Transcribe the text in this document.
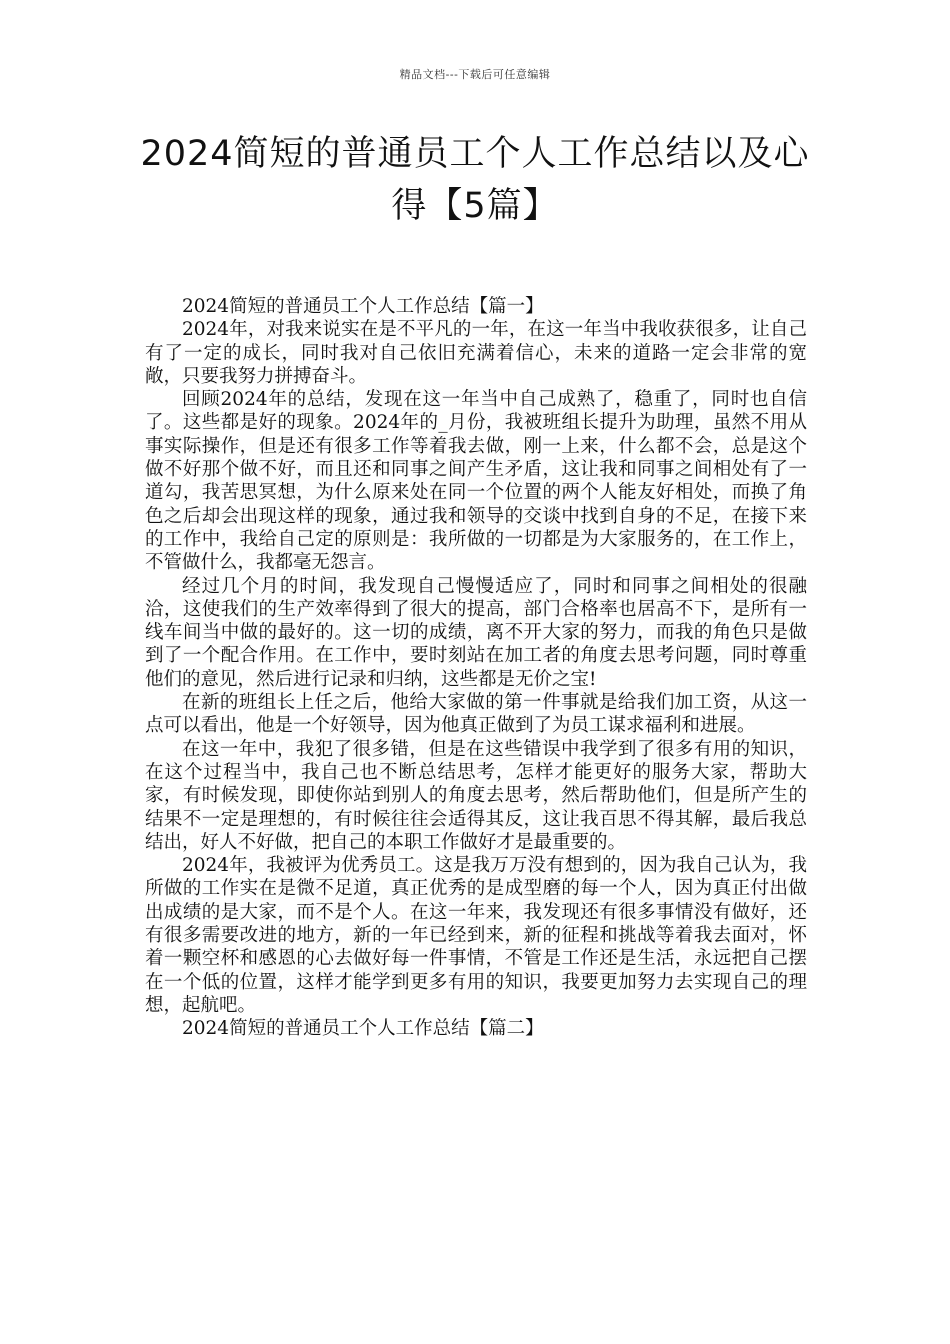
精品文档---下载后可任意编辑
2024简短的普通员工个人工作总结以及心得【5篇】

2024简短的普通员工个人工作总结【篇一】

2024年，对我来说实在是不平凡的一年，在这一年当中我收获很多，让自己有了一定的成长，同时我对自己依旧充满着信心，未来的道路一定会非常的宽敞，只要我努力拼搏奋斗。

回顾2024年的总结，发现在这一年当中自己成熟了，稳重了，同时也自信了。这些都是好的现象。2024年的_月份，我被班组长提升为助理，虽然不用从事实际操作，但是还有很多工作等着我去做，刚一上来，什么都不会，总是这个做不好那个做不好，而且还和同事之间产生矛盾，这让我和同事之间相处有了一道勾，我苦思冥想，为什么原来处在同一个位置的两个人能友好相处，而换了角色之后却会出现这样的现象，通过我和领导的交谈中找到自身的不足，在接下来的工作中，我给自己定的原则是：我所做的一切都是为大家服务的，在工作上，不管做什么，我都毫无怨言。

经过几个月的时间，我发现自己慢慢适应了，同时和同事之间相处的很融洽，这使我们的生产效率得到了很大的提高，部门合格率也居高不下，是所有一线车间当中做的最好的。这一切的成绩，离不开大家的努力，而我的角色只是做到了一个配合作用。在工作中，要时刻站在加工者的角度去思考问题，同时尊重他们的意见，然后进行记录和归纳，这些都是无价之宝!

在新的班组长上任之后，他给大家做的第一件事就是给我们加工资，从这一点可以看出，他是一个好领导，因为他真正做到了为员工谋求福利和进展。

在这一年中，我犯了很多错，但是在这些错误中我学到了很多有用的知识，在这个过程当中，我自己也不断总结思考，怎样才能更好的服务大家，帮助大家，有时候发现，即使你站到别人的角度去思考，然后帮助他们，但是所产生的结果不一定是理想的，有时候往往会适得其反，这让我百思不得其解，最后我总结出，好人不好做，把自己的本职工作做好才是最重要的。

2024年，我被评为优秀员工。这是我万万没有想到的，因为我自己认为，我所做的工作实在是微不足道，真正优秀的是成型磨的每一个人，因为真正付出做出成绩的是大家，而不是个人。在这一年来，我发现还有很多事情没有做好，还有很多需要改进的地方，新的一年已经到来，新的征程和挑战等着我去面对，怀着一颗空杯和感恩的心去做好每一件事情，不管是工作还是生活，永远把自己摆在一个低的位置，这样才能学到更多有用的知识，我要更加努力去实现自己的理想，起航吧。

2024简短的普通员工个人工作总结【篇二】
